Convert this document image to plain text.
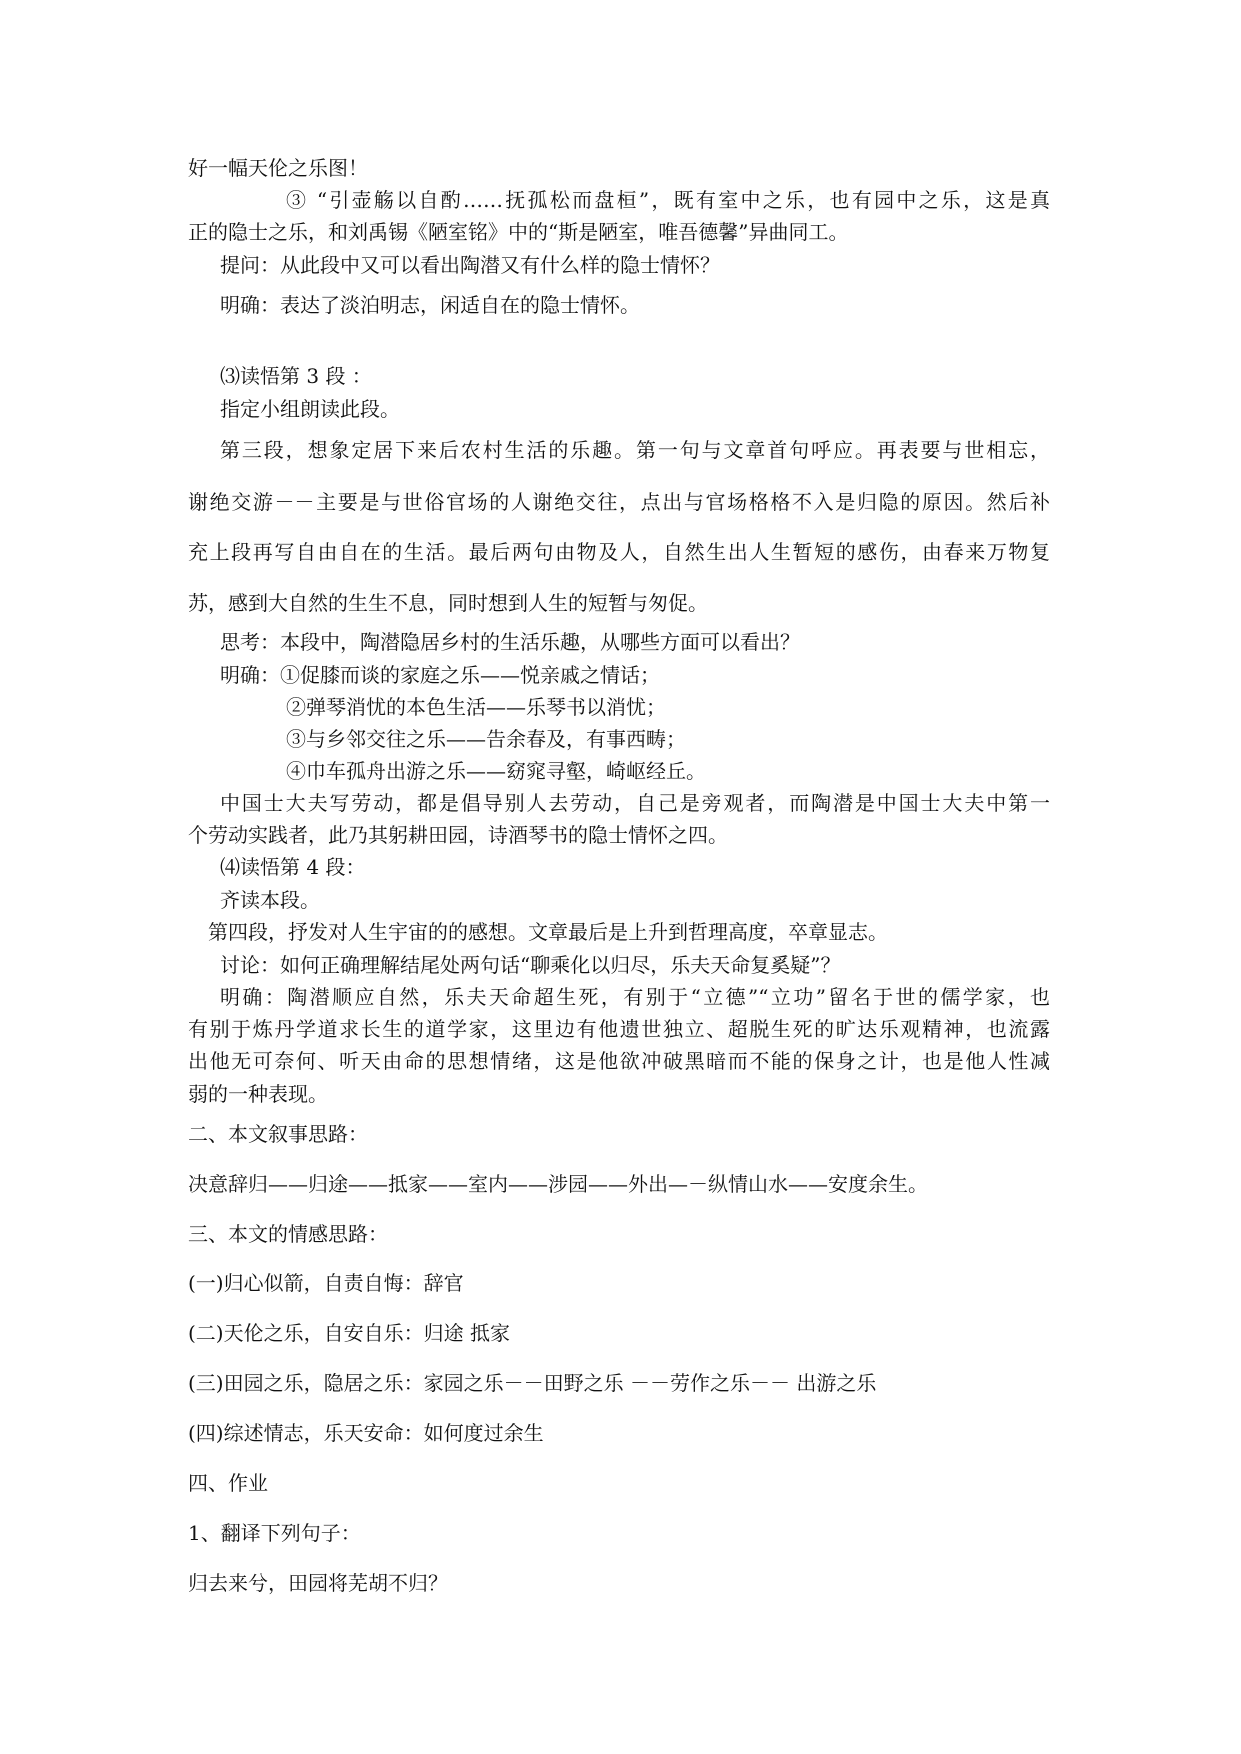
好一幅天伦之乐图！
③ “引壶觞以自酌……抚孤松而盘桓”，既有室中之乐，也有园中之乐，这是真
正的隐士之乐，和刘禹锡《陋室铭》中的“斯是陋室，唯吾德馨”异曲同工。
提问：从此段中又可以看出陶潜又有什么样的隐士情怀？
明确：表达了淡泊明志，闲适自在的隐士情怀。
⑶读悟第 3 段 ：
指定小组朗读此段。
第三段，想象定居下来后农村生活的乐趣。第一句与文章首句呼应。再表要与世相忘，
谢绝交游－－主要是与世俗官场的人谢绝交往，点出与官场格格不入是归隐的原因。然后补
充上段再写自由自在的生活。最后两句由物及人，自然生出人生暂短的感伤，由春来万物复
苏，感到大自然的生生不息，同时想到人生的短暂与匆促。
思考：本段中，陶潜隐居乡村的生活乐趣，从哪些方面可以看出？
明确：①促膝而谈的家庭之乐——悦亲戚之情话；
②弹琴消忧的本色生活——乐琴书以消忧；
③与乡邻交往之乐——告余春及，有事西畴；
④巾车孤舟出游之乐——窈窕寻壑，崎岖经丘。
中国士大夫写劳动，都是倡导别人去劳动，自己是旁观者，而陶潜是中国士大夫中第一
个劳动实践者，此乃其躬耕田园，诗酒琴书的隐士情怀之四。
⑷读悟第 4 段：
齐读本段。
第四段，抒发对人生宇宙的的感想。文章最后是上升到哲理高度，卒章显志。
讨论：如何正确理解结尾处两句话“聊乘化以归尽，乐夫天命复奚疑”？
明确：陶潜顺应自然，乐夫天命超生死，有别于“立德”“立功”留名于世的儒学家，也
有别于炼丹学道求长生的道学家，这里边有他遗世独立、超脱生死的旷达乐观精神，也流露
出他无可奈何、听天由命的思想情绪，这是他欲冲破黑暗而不能的保身之计，也是他人性减
弱的一种表现。
二、本文叙事思路：
决意辞归——归途——抵家——室内——涉园——外出—－纵情山水——安度余生。
三、本文的情感思路：
(一)归心似箭，自责自悔：辞官
(二)天伦之乐，自安自乐：归途 抵家
(三)田园之乐，隐居之乐：家园之乐－－田野之乐 －－劳作之乐－－ 出游之乐
(四)综述情志，乐天安命：如何度过余生
四、作业
1、翻译下列句子：
归去来兮，田园将芜胡不归？
